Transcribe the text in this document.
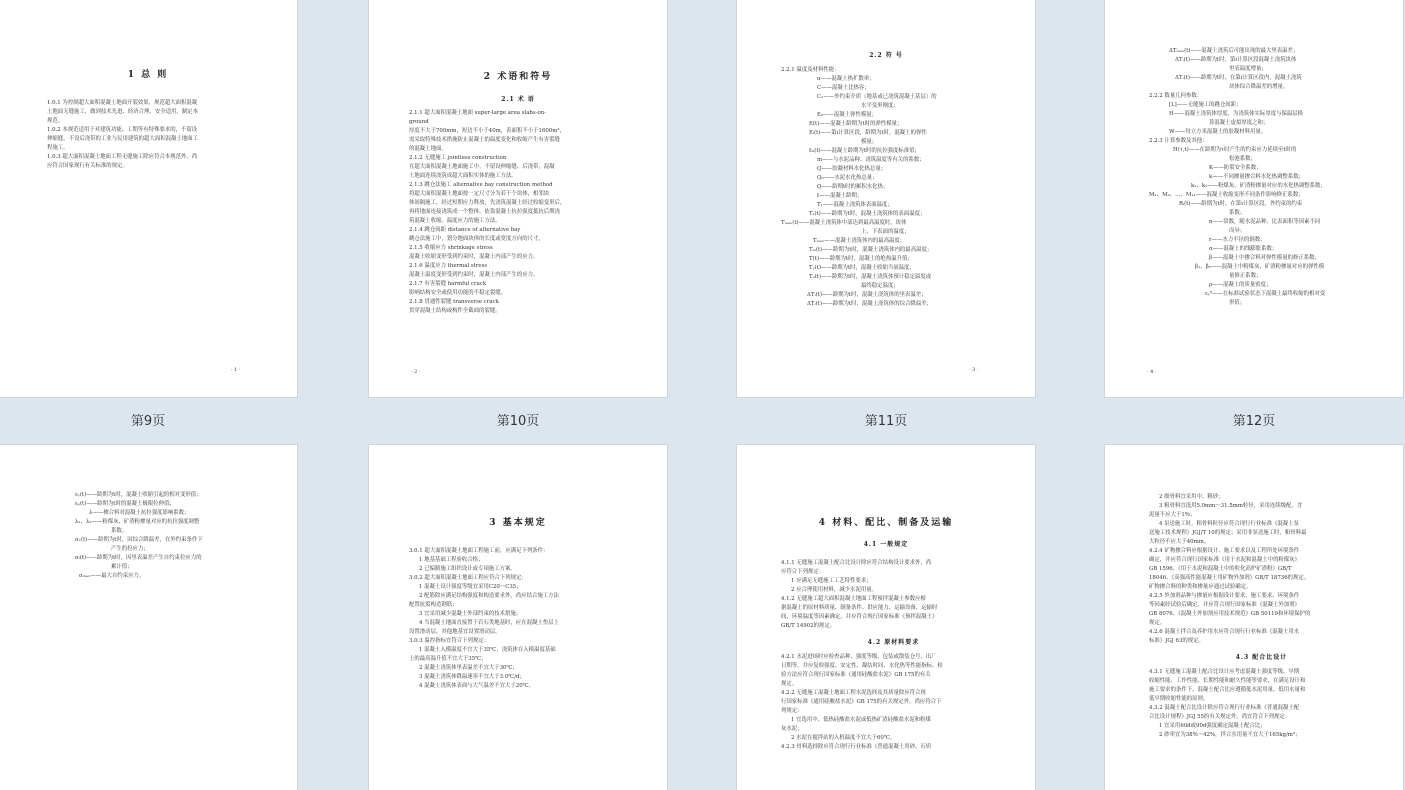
1 总 则
1.0.1 为控制超大面积混凝土地面开裂效果，规范超大面积混凝
土地面无缝施工，做到技术先进、经济合理、安全适用，制定本
规范。
1.0.2 本规范适用于对建筑功能、工期等有特殊要求的，不留设
伸缩缝，不设后浇带的工业与民用建筑的超大面积混凝土地面工
程施工。
1.0.3 超大面积混凝土地面工程无缝施工除应符合本规范外，尚
应符合国家现行有关标准的规定。
· 1 ·
2 术语和符号
2.1 术 语
2.1.1 超大面积混凝土地面 super-large area slabs-on-
ground
厚度不大于700mm，短边不小于40m，表面积不小于1600m²，
需采取特殊技术措施防止混凝土的温度变化和收缩产生有害裂缝
的混凝土地面。
2.1.2 无缝施工 jointless construction
在超大面积混凝土地面施工中，不留设伸缩缝、后浇带，混凝
土地面连续浇筑成超大面积实体的施工方法。
2.1.3 跳仓法施工 alternative bay construction method
将超大面积混凝土地面按一定尺寸分为若干个块体，相邻块
体间隔施工，经过短期应力释放，先浇筑混凝土经过收缩变形后，
再将地面连接浇筑成一个整体，依靠混凝土抗拉强度抵抗后期浇
筑混凝土收缩、温度应力的施工方法。
2.1.4 跳仓间距 distance of alternative bay
跳仓法施工中，划分地面块体的长度或宽度方向的尺寸。
2.1.5 收缩应力 shrinkage stress
混凝土收缩变形受到约束时，混凝土内部产生的应力。
2.1.6 温度应力 thermal stress
混凝土温度变形受到约束时，混凝土内部产生的应力。
2.1.7 有害裂缝 harmful crack
影响结构安全或使用功能的不稳定裂缝。
2.1.8 贯通性裂缝 transverse crack
贯穿混凝土结构或构件全截面的裂缝。
· 2 ·
2.2 符 号
2.2.1 温度及材料性能：
α——混凝土热扩散率；
C——混凝土比热容；
Cₓ——外约束介质（地基或已浇筑混凝土基层）的
水平变形刚度；
E₀——混凝土弹性模量；
E(t)——混凝土龄期为t时的弹性模量；
Eᵢ(t)——第i计算区段，龄期为t时，混凝土的弹性
模量；
fₜₖ(t)——混凝土龄期为t时的抗拉强度标准值；
m——与水泥品种、浇筑温度等有关的系数；
Q——胶凝材料水化热总量；
Q₀——水泥水化热总量；
Q——龄期t时的累积水化热；
t——混凝土龄期；
T₁——混凝土浇筑体表面温度；
Tₛ(t)——龄期为t时，混凝土浇筑体的表面温度；
Tₘₐₓ(t)——混凝土浇筑体中部达到最高温度时，块体
上、下表面的温度；
Tₘₐₓ——混凝土浇筑体内的最高温度；
Tₘ(t)——龄期为t时，混凝土浇筑体内的最高温度；
T(t)——龄期为t时，混凝土的绝热温升值；
Tᵧ(t)——龄期为t时，混凝土收缩当量温度；
Tᵤ(t)——龄期为t时，混凝土浇筑体预计稳定温度或
最终稳定温度；
ΔTᵢ(t)——龄期为t时，混凝土浇筑体的里表温差；
ΔTᵢ(t)——龄期为t时，混凝土浇筑体的综合降温差；
· 3 ·
ΔTₘₐₓ(t)——混凝土浇筑后可能出现的最大里表温差；
ΔTᵢ(t)——龄期为t时，第i计算区段混凝土浇筑块体
里表温度增量；
ΔTᵢ(t)——龄期为t时，在第i计算区段内，混凝土浇筑
块体综合降温差的增量。
2.2.2 数量几何参数：
[L]——无缝施工的跳仓间距；
H——混凝土浇筑体厚度，为浇筑体实际厚度与保温层换
算混凝土虚拟厚度之和；
W——每立方米混凝土的胶凝材料用量。
2.2.3 计算参数及其他：
H(τ,t)——在龄期为τ时产生的约束应力延续至t时的
松弛系数；
K——防裂安全系数；
k——不同掺量掺合料水化热调整系数；
k₁、k₂——粉煤灰、矿渣粉掺量对应的水化热调整系数；
M₁、M₂、…、M₁₁——混凝土收缩变形不同条件影响修正系数；
Rᵢ(t)——龄期为t时，在第i计算区段，外约束的约束
系数；
n——常数，随水泥品种、比表面积等因素不同
而异；
r——水力半径的倒数；
α——混凝土的线膨胀系数；
β——混凝土中掺合料对弹性模量的修正系数；
β₁、β₂——混凝土中粉煤灰、矿渣粉掺量对应的弹性模
量修正系数；
ρ——混凝土的质量密度；
εᵧ⁰——在标准试验状态下混凝土最终收缩的相对变
形值；
· 4 ·
第9页	第10页	第11页	第12页
εᵧ(t)——龄期为t时，混凝土收缩引起的相对变形值；
εₚ(t)——龄期为t时的混凝土极限拉伸值；
λ——掺合料对混凝土抗拉强度影响系数；
λ₁、λ₂——粉煤灰、矿渣粉掺量对应的抗拉强度调整
系数；
σₓ(t)——龄期为t时，因综合降温差，在外约束条件下
产生的拉应力；
σᵢ(t)——龄期为t时，因里表温差产生自约束拉应力的
累计值；
σₘₐₓ——最大自约束应力。
3 基本规定
3.0.1 超大面积混凝土地面工程施工前，应满足下列条件：
1 地基基础工程验收合格；
2 已编制施工组织设计或专项施工方案。
3.0.2 超大面积混凝土地面工程应符合下列规定：
1 混凝土设计强度等级宜采用C20～C35；
2 配筋除应满足结构强度和构造要求外，尚应结合施工方法
配置抗裂构造钢筋；
3 宜采用减少混凝土外部约束的技术措施；
4 当混凝土地面直接置于岩石类地基时，应在混凝土垫层上
设置滑动层，其他地基宜设置滑动层。
3.0.3 温控指标宜符合下列规定：
1 混凝土入模温度不宜大于35℃，浇筑体在入模温度基础
上的最高温升值不宜大于35℃；
2 混凝土浇筑体里表温差不宜大于30℃；
3 混凝土浇筑体降温速率不宜大于3.0℃/d；
4 混凝土浇筑体表面与大气温差不宜大于20℃。
4 材料、配比、制备及运输
4.1 一般规定
4.1.1 无缝施工混凝土配合比设计除应符合结构设计要求外，尚
应符合下列规定：
1 应满足无缝施工工艺特性要求；
2 应合理使用材料，减少水泥用量。
4.1.2 无缝施工超大面积混凝土地面工程预拌混凝土参数应根
据混凝土的原材料质量、制备条件、供应能力、运输设备、运输时
间、环境温度等因素确定，并应符合现行国家标准《预拌混凝土》
GB/T 14902的规定。
4.2 原材料要求
4.2.1 水泥进场时应检查品种、强度等级、包装或散装仓号、出厂
日期等，并应复检强度、安定性、凝结时间、水化热等性能指标。检
验方法应符合现行国家标准《通用硅酸盐水泥》GB 175的有关
规定。
4.2.2 无缝施工混凝土地面工程水泥选择及其质量除应符合现
行国家标准《通用硅酸盐水泥》GB 175的有关规定外，尚应符合下
列规定：
1 宜选用中、低热硅酸盐水泥或低热矿渣硅酸盐水泥和粉煤
灰水泥；
2 水泥在搅拌站的入机温度不宜大于60℃。
4.2.3 骨料选择除应符合现行行业标准《普通混凝土用砂、石质
2 细骨料宜采用中、粗砂；
3 粗骨料宜选用5.0mm～31.5mm粒径，采用连续级配，含
泥量不应大于1%；
4 泵送施工时，粗骨料粒径应符合现行行业标准《混凝土泵
送施工技术规程》JGJ/T 10的规定；采用非泵送施工时，粗骨料最
大粒径不应大于40mm。
4.2.4 矿物掺合料应根据设计、施工要求以及工程所处环境条件
确定，并应符合现行国家标准《用于水泥和混凝土中的粉煤灰》
GB 1596、《用于水泥和混凝土中的粒化高炉矿渣粉》GB/T
18046、《高强高性能混凝土用矿物外加剂》GB/T 18736的规定。
矿物掺合料的种类和掺量应通过试验确定。
4.2.5 外加剂品种与掺量应根据设计要求、施工要求、环境条件
等因素经试验后确定，并应符合现行国家标准《混凝土外加剂》
GB 8076、《混凝土外加剂应用技术规范》GB 50119和环境保护的
规定。
4.2.6 混凝土拌合及养护用水应符合现行行业标准《混凝土用水
标准》JGJ 63的规定。
4.3 配合比设计
4.3.1 无缝施工混凝土配合比设计应考虑混凝土强度等级、早期
收缩性能、工作性能、长期性能和耐久性能等要求，在满足设计和
施工要求的条件下，混凝土配合比应遵循低水泥用量、低用水量和
低早期收缩性能的原则。
4.3.2 混凝土配合比设计除应符合现行行业标准《普通混凝土配
合比设计规程》JGJ 55的有关规定外，尚宜符合下列规定：
1 宜采用60d或90d强度确定混凝土配合比；
2 砂率宜为38%～42%，拌合水用量不宜大于165kg/m³；
